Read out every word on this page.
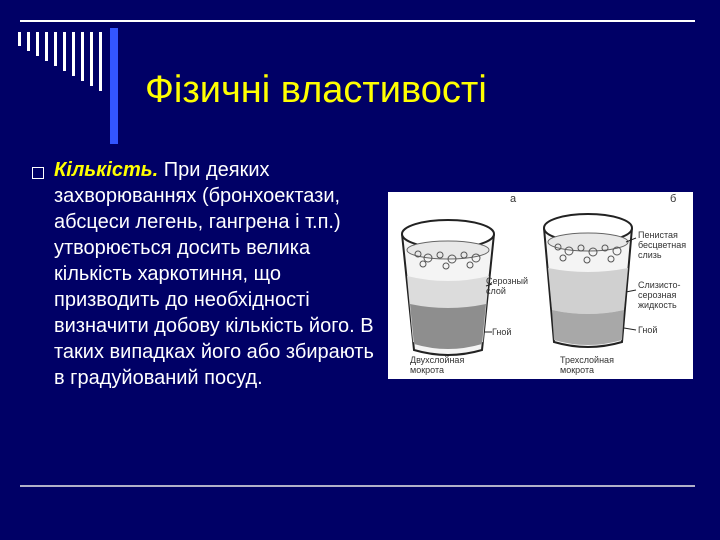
Фізичні властивості
Кількість. При деяких захворюваннях (бронхоектази, абсцеси легень, гангрена і т.п.) утворюється досить велика кількість харкотиння, що призводить до необхідності визначити добову кількість його. В таких випадках його або збирають в градуйований посуд.
а	б
Серозный
слой
Гной
Двухслойная
мокрота
Пенистая
бесцветная
слизь
Слизисто-
серозная
жидкость
Гной
Трехслойная
мокрота
